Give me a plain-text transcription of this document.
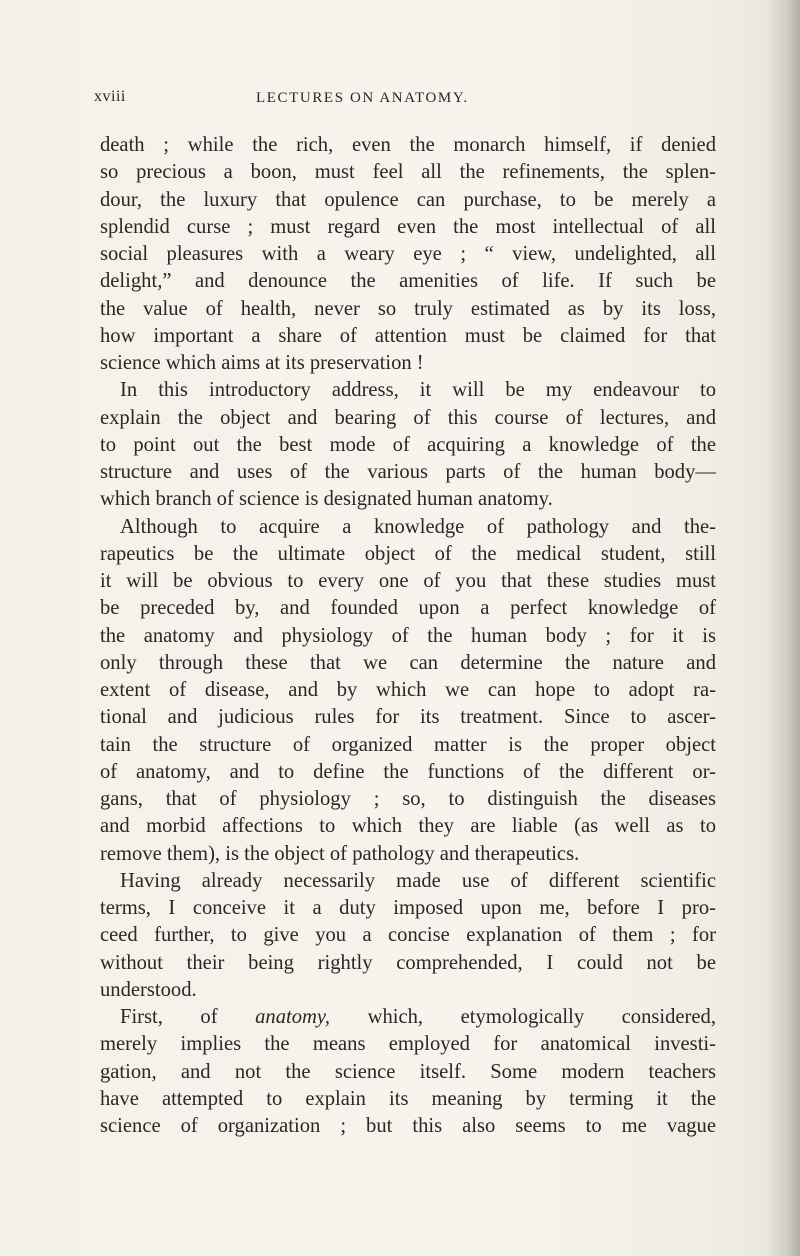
xviii	LECTURES ON ANATOMY.
death ; while the rich, even the monarch himself, if denied
so precious a boon, must feel all the refinements, the splen-
dour, the luxury that opulence can purchase, to be merely a
splendid curse ; must regard even the most intellectual of all
social pleasures with a weary eye ; “ view, undelighted, all
delight,” and denounce the amenities of life. If such be
the value of health, never so truly estimated as by its loss,
how important a share of attention must be claimed for that
science which aims at its preservation !
In this introductory address, it will be my endeavour to
explain the object and bearing of this course of lectures, and
to point out the best mode of acquiring a knowledge of the
structure and uses of the various parts of the human body—
which branch of science is designated human anatomy.
Although to acquire a knowledge of pathology and the-
rapeutics be the ultimate object of the medical student, still
it will be obvious to every one of you that these studies must
be preceded by, and founded upon a perfect knowledge of
the anatomy and physiology of the human body ; for it is
only through these that we can determine the nature and
extent of disease, and by which we can hope to adopt ra-
tional and judicious rules for its treatment. Since to ascer-
tain the structure of organized matter is the proper object
of anatomy, and to define the functions of the different or-
gans, that of physiology ; so, to distinguish the diseases
and morbid affections to which they are liable (as well as to
remove them), is the object of pathology and therapeutics.
Having already necessarily made use of different scientific
terms, I conceive it a duty imposed upon me, before I pro-
ceed further, to give you a concise explanation of them ; for
without their being rightly comprehended, I could not be
understood.
First, of anatomy, which, etymologically considered,
merely implies the means employed for anatomical investi-
gation, and not the science itself. Some modern teachers
have attempted to explain its meaning by terming it the
science of organization ; but this also seems to me vague
